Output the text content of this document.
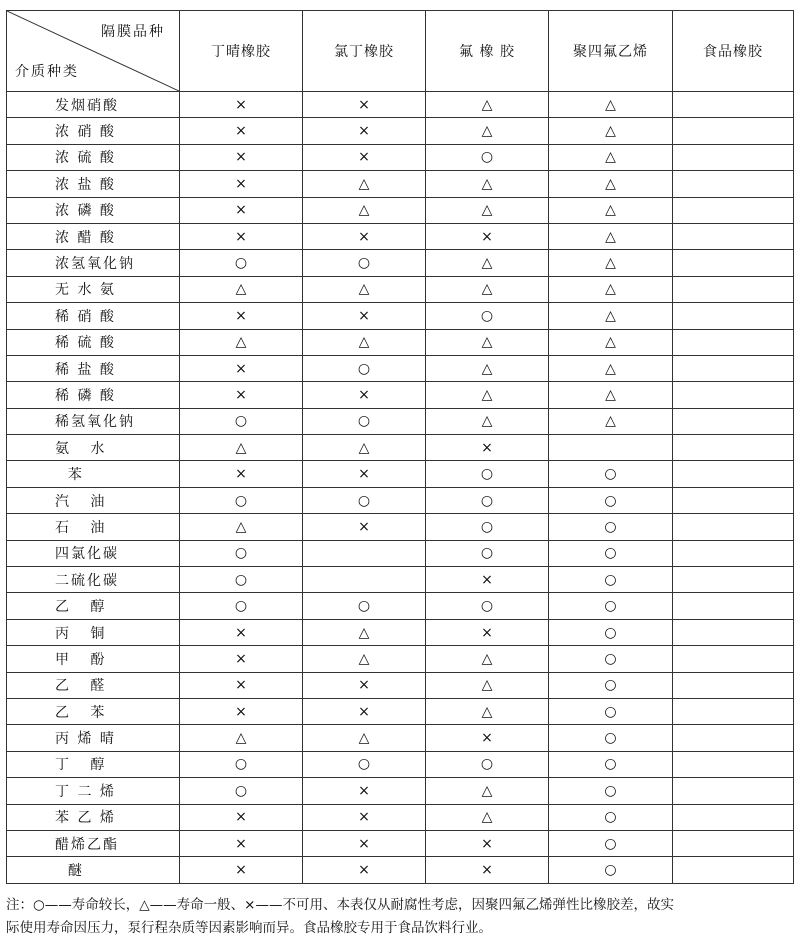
隔膜品种
介质种类	丁晴橡胶	氯丁橡胶	氟 橡 胶	聚四氟乙烯	食品橡胶
发烟硝酸	×	×	△	△	
浓 硝 酸	×	×	△	△	
浓 硫 酸	×	×	○	△	
浓 盐 酸	×	△	△	△	
浓 磷 酸	×	△	△	△	
浓 醋 酸	×	×	×	△	
浓氢氧化钠	○	○	△	△	
无 水 氨	△	△	△	△	
稀 硝 酸	×	×	○	△	
稀 硫 酸	△	△	△	△	
稀 盐 酸	×	○	△	△	
稀 磷 酸	×	×	△	△	
稀氢氧化钠	○	○	△	△	
氨   水	△	△	×		
苯	×	×	○	○	
汽   油	○	○	○	○	
石   油	△	×	○	○	
四氯化碳	○		○	○	
二硫化碳	○		×	○	
乙   醇	○	○	○	○	
丙   铜	×	△	×	○	
甲   酚	×	△	△	○	
乙   醛	×	×	△	○	
乙   苯	×	×	△	○	
丙 烯 晴	△	△	×	○	
丁   醇	○	○	○	○	
丁 二 烯	○	×	△	○	
苯 乙 烯	×	×	△	○	
醋烯乙酯	×	×	×	○	
醚	×	×	×	○	
注：○——寿命较长，△——寿命一般、×——不可用、本表仅从耐腐性考虑，因聚四氟乙烯弹性比橡胶差，故实
际使用寿命因压力，泵行程杂质等因素影响而异。食品橡胶专用于食品饮料行业。
